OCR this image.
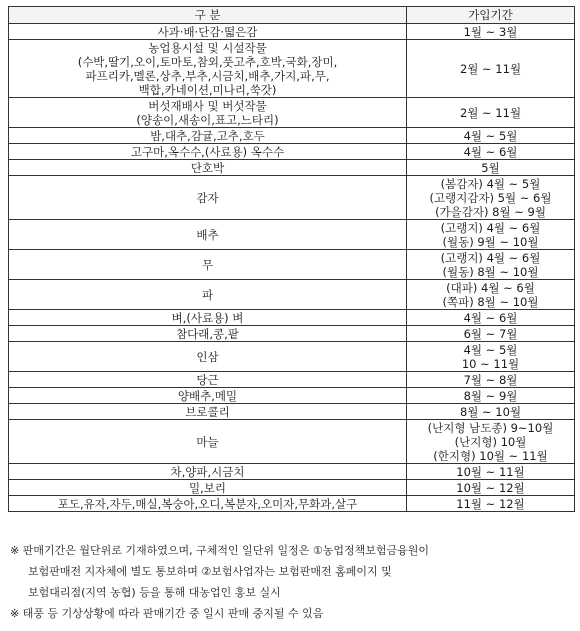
구 분	가입기간

사과·배·단감·떫은감	1월 ~ 3월

농업용시설 및 시설작물
(수박,딸기,오이,토마토,참외,풋고추,호박,국화,장미,
파프리카,멜론,상추,부추,시금치,배추,가지,파,무,
백합,카네이션,미나리,쑥갓)	2월 ~ 11월

버섯재배사 및 버섯작물
(양송이,새송이,표고,느타리)	2월 ~ 11월

밤,대추,감귤,고추,호두	4월 ~ 5월

고구마,옥수수,(사료용) 옥수수	4월 ~ 6월

단호박	5월

감자	(봄감자) 4월 ~ 5월
(고랭지감자) 5월 ~ 6월
(가을감자) 8월 ~ 9월

배추	(고랭지) 4월 ~ 6월
(월동) 9월 ~ 10월

무	(고랭지) 4월 ~ 6월
(월동) 8월 ~ 10월

파	(대파) 4월 ~ 6월
(쪽파) 8월 ~ 10월

벼,(사료용) 벼	4월 ~ 6월

참다래,콩,팥	6월 ~ 7월

인삼	4월 ~ 5월
10 ~ 11월

당근	7월 ~ 8월

양배추,메밀	8월 ~ 9월

브로콜리	8월 ~ 10월

마늘	(난지형 남도종) 9~10월
(난지형) 10월
(한지형) 10월 ~ 11월

차,양파,시금치	10월 ~ 11월

밀,보리	10월 ~ 12월

포도,유자,자두,매실,복숭아,오디,복분자,오미자,무화과,살구	11월 ~ 12월
※ 판매기간은 월단위로 기재하였으며, 구체적인 일단위 일정은 ①농업정책보험금융원이
보험판매전 지자체에 별도 통보하며 ②보험사업자는 보험판매전 홈페이지 및
보험대리점(지역 농협) 등을 통해 대농업인 홍보 실시
※ 태풍 등 기상상황에 따라 판매기간 중 일시 판매 중지될 수 있음
